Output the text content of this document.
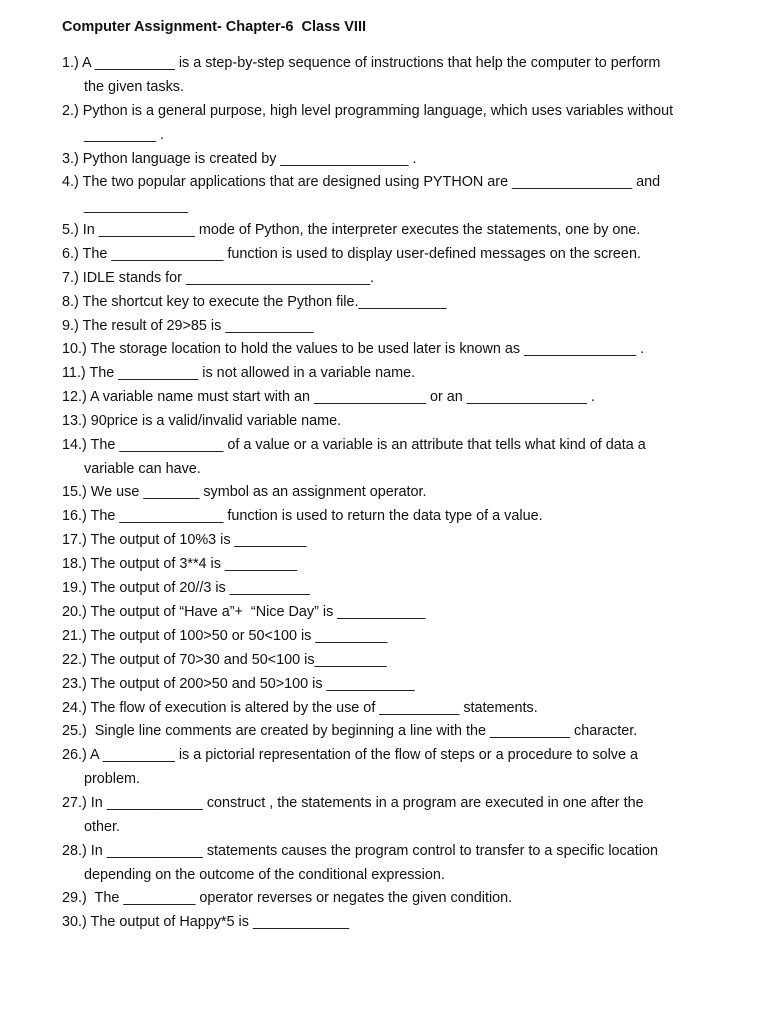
Computer Assignment- Chapter-6  Class VIII
1.) A __________ is a step-by-step sequence of instructions that help the computer to perform
the given tasks.
2.) Python is a general purpose, high level programming language, which uses variables without
_________ .
3.) Python language is created by ________________ .
4.) The two popular applications that are designed using PYTHON are _______________ and
_____________
5.) In ____________ mode of Python, the interpreter executes the statements, one by one.
6.) The ______________ function is used to display user-defined messages on the screen.
7.) IDLE stands for _______________________.
8.) The shortcut key to execute the Python file.___________
9.) The result of 29>85 is ___________
10.) The storage location to hold the values to be used later is known as ______________ .
11.) The __________ is not allowed in a variable name.
12.) A variable name must start with an ______________ or an _______________ .
13.) 90price is a valid/invalid variable name.
14.) The _____________ of a value or a variable is an attribute that tells what kind of data a
variable can have.
15.) We use _______ symbol as an assignment operator.
16.) The _____________ function is used to return the data type of a value.
17.) The output of 10%3 is _________
18.) The output of 3**4 is _________
19.) The output of 20//3 is __________
20.) The output of “Have a”+  “Nice Day” is ___________
21.) The output of 100>50 or 50<100 is _________
22.) The output of 70>30 and 50<100 is_________
23.) The output of 200>50 and 50>100 is ___________
24.) The flow of execution is altered by the use of __________ statements.
25.)  Single line comments are created by beginning a line with the __________ character.
26.) A _________ is a pictorial representation of the flow of steps or a procedure to solve a
problem.
27.) In ____________ construct , the statements in a program are executed in one after the
other.
28.) In ____________ statements causes the program control to transfer to a specific location
depending on the outcome of the conditional expression.
29.)  The _________ operator reverses or negates the given condition.
30.) The output of Happy*5 is ____________
